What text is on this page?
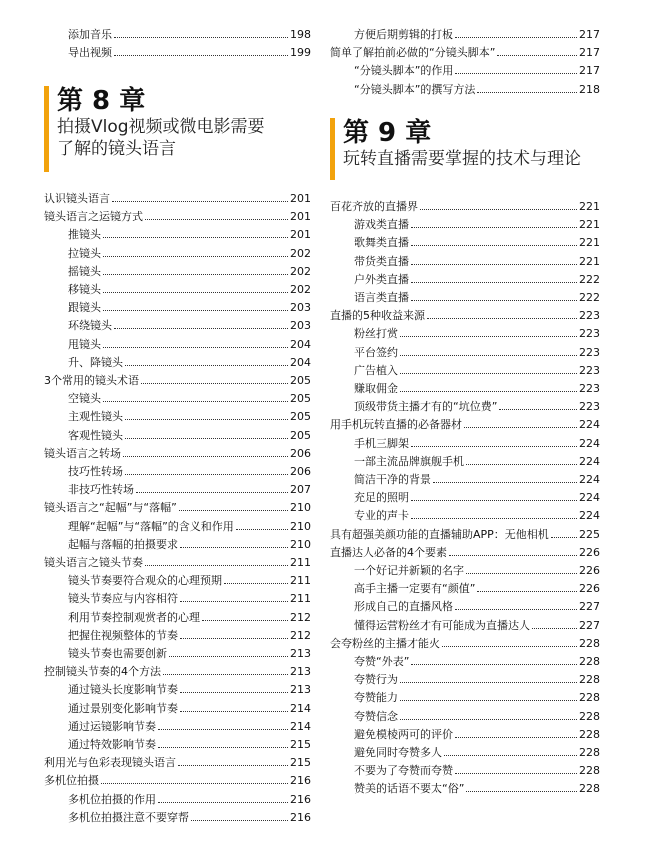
添加音乐	198
导出视频	199
第 8 章
拍摄Vlog视频或微电影需要
了解的镜头语言
认识镜头语言	201
镜头语言之运镜方式	201
推镜头	201
拉镜头	202
摇镜头	202
移镜头	202
跟镜头	203
环绕镜头	203
甩镜头	204
升、降镜头	204
3个常用的镜头术语	205
空镜头	205
主观性镜头	205
客观性镜头	205
镜头语言之转场	206
技巧性转场	206
非技巧性转场	207
镜头语言之“起幅”与“落幅”	210
理解“起幅”与“落幅”的含义和作用	210
起幅与落幅的拍摄要求	210
镜头语言之镜头节奏	211
镜头节奏要符合观众的心理预期	211
镜头节奏应与内容相符	211
利用节奏控制观赏者的心理	212
把握住视频整体的节奏	212
镜头节奏也需要创新	213
控制镜头节奏的4个方法	213
通过镜头长度影响节奏	213
通过景别变化影响节奏	214
通过运镜影响节奏	214
通过特效影响节奏	215
利用光与色彩表现镜头语言	215
多机位拍摄	216
多机位拍摄的作用	216
多机位拍摄注意不要穿帮	216
方便后期剪辑的打板	217
简单了解拍前必做的“分镜头脚本”	217
“分镜头脚本”的作用	217
“分镜头脚本”的撰写方法	218
第 9 章
玩转直播需要掌握的技术与理论
百花齐放的直播界	221
游戏类直播	221
歌舞类直播	221
带货类直播	221
户外类直播	222
语言类直播	222
直播的5种收益来源	223
粉丝打赏	223
平台签约	223
广告植入	223
赚取佣金	223
顶级带货主播才有的“坑位费”	223
用手机玩转直播的必备器材	224
手机三脚架	224
一部主流品牌旗舰手机	224
简洁干净的背景	224
充足的照明	224
专业的声卡	224
具有超强美颜功能的直播辅助APP：无他相机	225
直播达人必备的4个要素	226
一个好记并新颖的名字	226
高手主播一定要有“颜值”	226
形成自己的直播风格	227
懂得运营粉丝才有可能成为直播达人	227
会夸粉丝的主播才能火	228
夸赞“外表”	228
夸赞行为	228
夸赞能力	228
夸赞信念	228
避免模棱两可的评价	228
避免同时夸赞多人	228
不要为了夸赞而夸赞	228
赞美的话语不要太“俗”	228
